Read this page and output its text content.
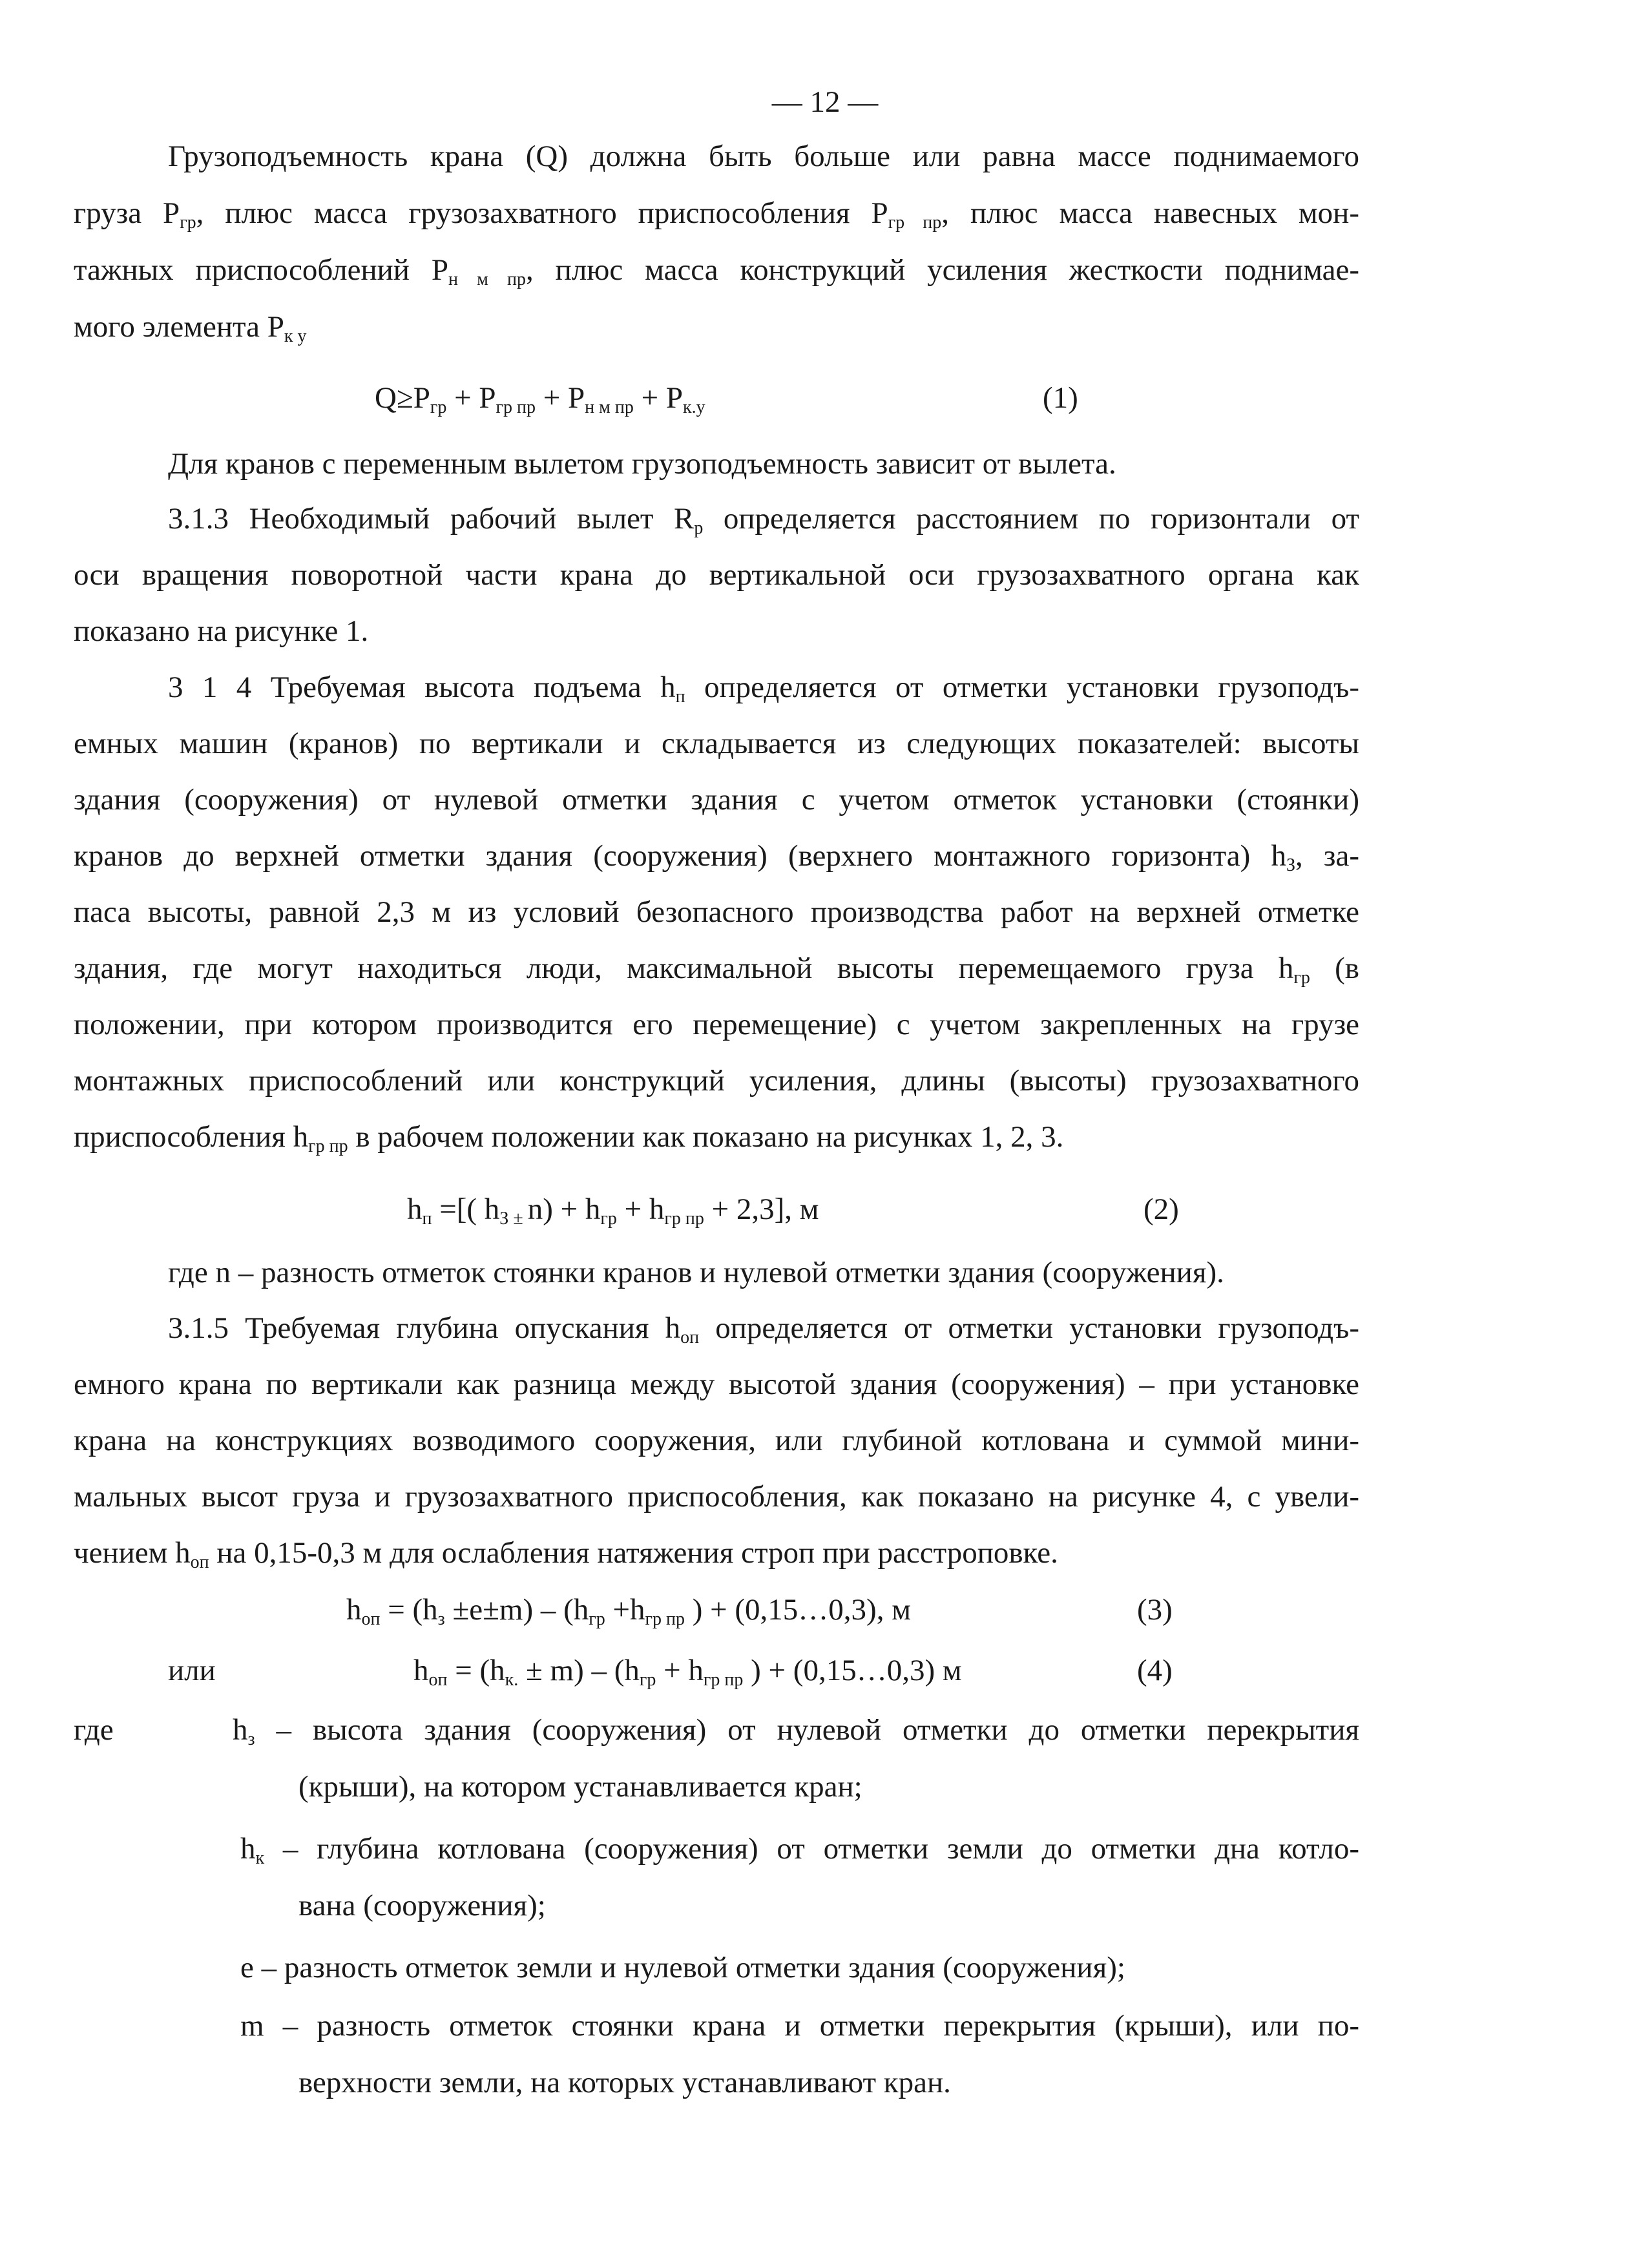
— 12 —
Грузоподъемность крана (Q) должна быть больше или равна массе поднимаемого
груза $Р_{гр}$, плюс масса грузозахватного приспособления $Р_{гр пр}$, плюс масса навесных мон-
тажных приспособлений $Р_{н м пр}$, плюс масса конструкций усиления жесткости поднимае-
мого элемента $Р_{к у}$
$Q\ge Р_{гр} + Р_{гр пр} + Р_{н м пр} + Р_{к.у}$	(1)
Для кранов с переменным вылетом грузоподъемность зависит от вылета.
3.1.3 Необходимый рабочий вылет $R_р$ определяется расстоянием по горизонтали от
оси вращения поворотной части крана до вертикальной оси грузозахватного органа как
показано на рисунке 1.
3 1 4 Требуемая высота подъема $h_п$ определяется от отметки установки грузоподъ-
емных машин (кранов) по вертикали и складывается из следующих показателей: высоты
здания (сооружения) от нулевой отметки здания с учетом отметок установки (стоянки)
кранов до верхней отметки здания (сооружения) (верхнего монтажного горизонта) $h_З$, за-
паса высоты, равной 2,3 м из условий безопасного производства работ на верхней отметке
здания, где могут находиться люди, максимальной высоты перемещаемого груза $h_{гр}$ (в
положении, при котором производится его перемещение) с учетом закрепленных на грузе
монтажных приспособлений или конструкций усиления, длины (высоты) грузозахватного
приспособления $h_{гр пр}$ в рабочем положении как показано на рисунках 1, 2, 3.
$h_п$ =[( $h_{З \pm}$ $n) + h_{гр} + h_{гр пр} + 2,3$], м	(2)
где n – разность отметок стоянки кранов и нулевой отметки здания (сооружения).
3.1.5 Требуемая глубина опускания $h_{оп}$ определяется от отметки установки грузоподъ-
емного крана по вертикали как разница между высотой здания (сооружения) – при установке
крана на конструкциях возводимого сооружения, или глубиной котлована и суммой мини-
мальных высот груза и грузозахватного приспособления, как показано на рисунке 4, с увели-
чением $h_{оп}$ на 0,15-0,3 м для ослабления натяжения строп при расстроповке.
$h_{оп} = (h_з \pm e\pm m) - (h_{гр} +h_{гр пр}$ ) + (0,15…0,3), м	(3)
или	$h_{оп} = (h_{к.} \pm m) - (h_{гр} + h_{гр пр}$ ) + (0,15…0,3) м	(4)
где	$h_з$ – высота здания (сооружения) от нулевой отметки до отметки перекрытия
(крыши), на котором устанавливается кран;
$h_к$ – глубина котлована (сооружения) от отметки земли до отметки дна котло-
вана (сооружения);
е – разность отметок земли и нулевой отметки здания (сооружения);
m – разность отметок стоянки крана и отметки перекрытия (крыши), или по-
верхности земли, на которых устанавливают кран.
